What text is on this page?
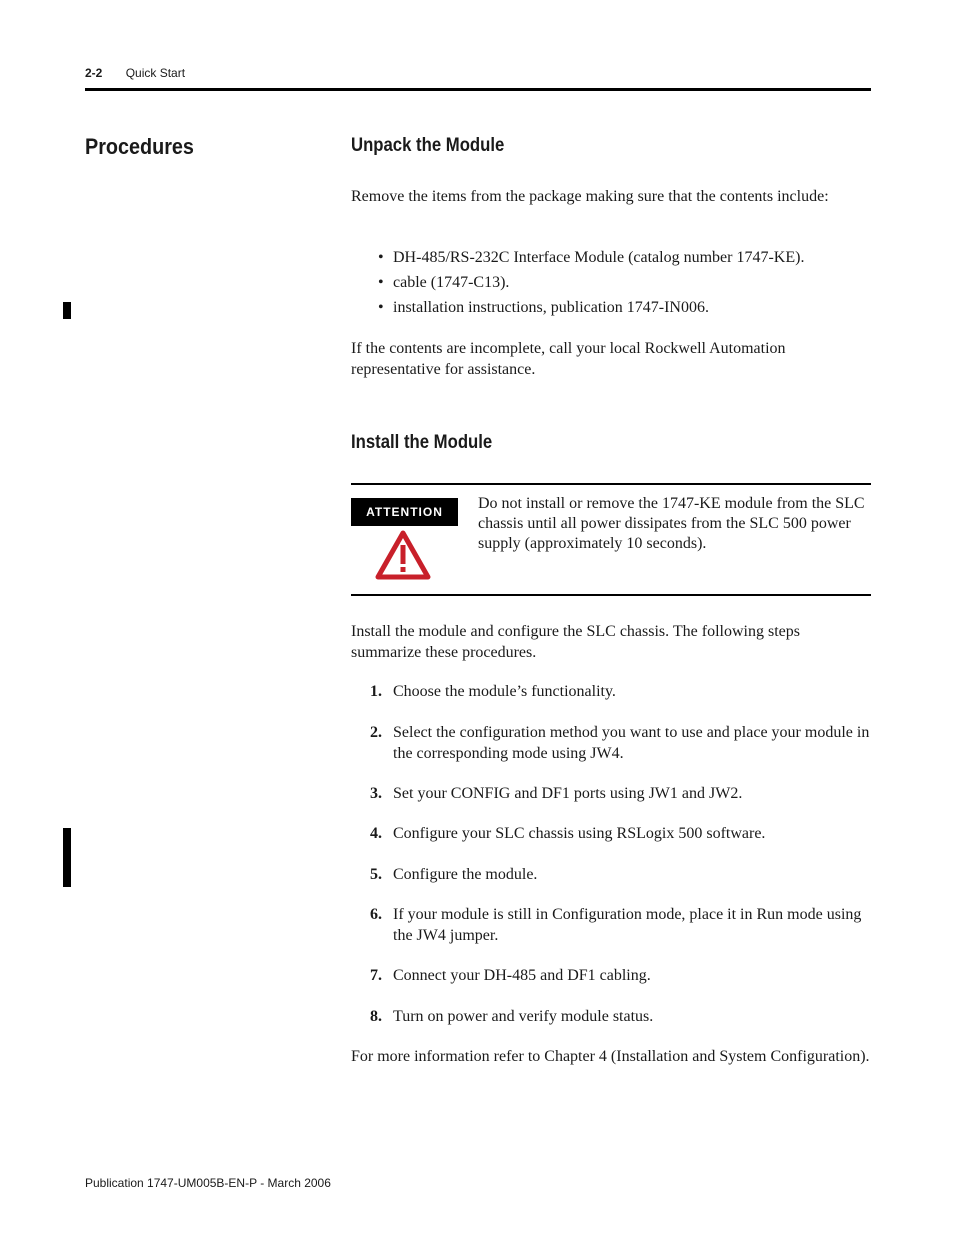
2-2 Quick Start
Procedures	Unpack the Module
Remove the items from the package making sure that the contents include:
• DH-485/RS-232C Interface Module (catalog number 1747-KE).
• cable (1747-C13).
• installation instructions, publication 1747-IN006.
If the contents are incomplete, call your local Rockwell Automation representative for assistance.
Install the Module
ATTENTION	Do not install or remove the 1747-KE module from the SLC chassis until all power dissipates from the SLC 500 power supply (approximately 10 seconds).
Install the module and configure the SLC chassis. The following steps summarize these procedures.
1. Choose the module’s functionality.
2. Select the configuration method you want to use and place your module in the corresponding mode using JW4.
3. Set your CONFIG and DF1 ports using JW1 and JW2.
4. Configure your SLC chassis using RSLogix 500 software.
5. Configure the module.
6. If your module is still in Configuration mode, place it in Run mode using the JW4 jumper.
7. Connect your DH-485 and DF1 cabling.
8. Turn on power and verify module status.
For more information refer to Chapter 4 (Installation and System Configuration).
Publication 1747-UM005B-EN-P - March 2006
